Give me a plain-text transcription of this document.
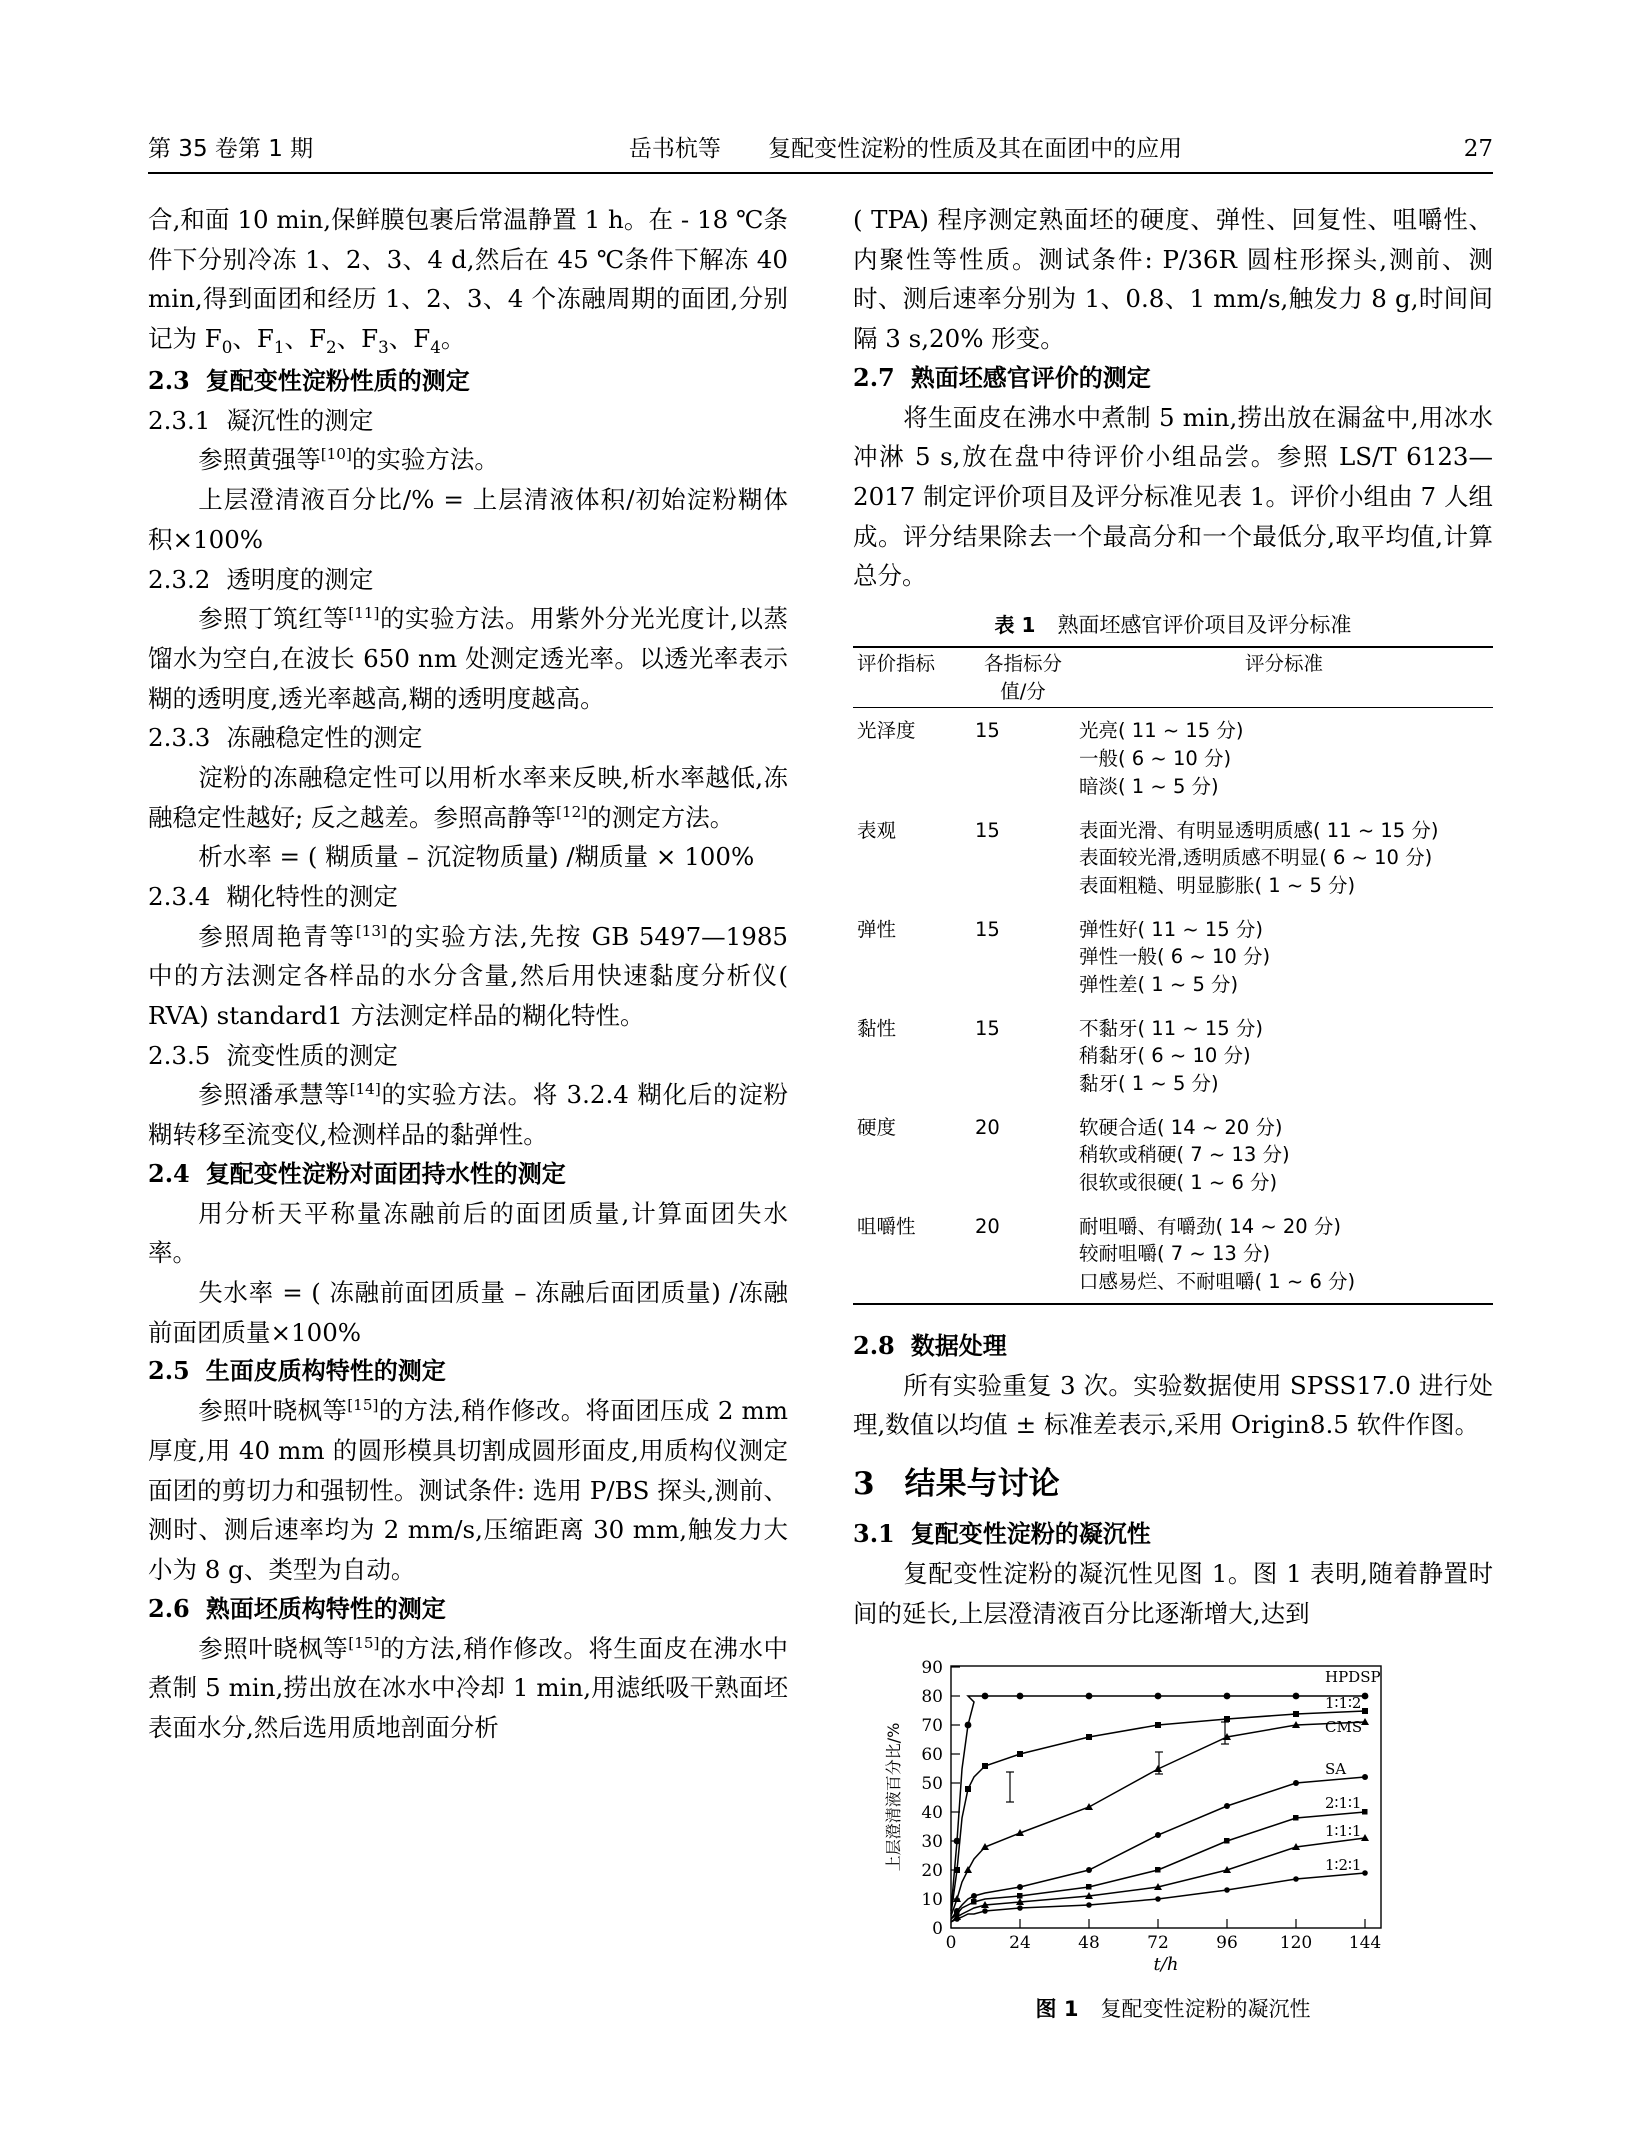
第 35 卷第 1 期	岳书杭等 复配变性淀粉的性质及其在面团中的应用	27

合,和面 10 min,保鲜膜包裹后常温静置 1 h。在 - 18 ℃条件下分别冷冻 1、2、3、4 d,然后在 45 ℃条件下解冻 40 min,得到面团和经历 1、2、3、4 个冻融周期的面团,分别记为 $F_0$、$F_1$、$F_2$、$F_3$、$F_4$。

2.3 复配变性淀粉性质的测定

2.3.1 凝沉性的测定

参照黄强等[10]的实验方法。

上层澄清液百分比/% = 上层清液体积/初始淀粉糊体积×100%

2.3.2 透明度的测定

参照丁筑红等[11]的实验方法。用紫外分光光度计,以蒸馏水为空白,在波长 650 nm 处测定透光率。以透光率表示糊的透明度,透光率越高,糊的透明度越高。

2.3.3 冻融稳定性的测定

淀粉的冻融稳定性可以用析水率来反映,析水率越低,冻融稳定性越好; 反之越差。参照高静等[12]的测定方法。

析水率 = ( 糊质量 – 沉淀物质量) /糊质量 × 100%

2.3.4 糊化特性的测定

参照周艳青等[13]的实验方法,先按 GB 5497—1985 中的方法测定各样品的水分含量,然后用快速黏度分析仪( RVA) standard1 方法测定样品的糊化特性。

2.3.5 流变性质的测定

参照潘承慧等[14]的实验方法。将 3.2.4 糊化后的淀粉糊转移至流变仪,检测样品的黏弹性。

2.4 复配变性淀粉对面团持水性的测定

用分析天平称量冻融前后的面团质量,计算面团失水率。

失水率 = ( 冻融前面团质量 – 冻融后面团质量) /冻融前面团质量×100%

2.5 生面皮质构特性的测定

参照叶晓枫等[15]的方法,稍作修改。将面团压成 2 mm 厚度,用 40 mm 的圆形模具切割成圆形面皮,用质构仪测定面团的剪切力和强韧性。测试条件: 选用 P/BS 探头,测前、测时、测后速率均为 2 mm/s,压缩距离 30 mm,触发力大小为 8 g、类型为自动。

2.6 熟面坯质构特性的测定

参照叶晓枫等[15]的方法,稍作修改。将生面皮在沸水中煮制 5 min,捞出放在冰水中冷却 1 min,用滤纸吸干熟面坯表面水分,然后选用质地剖面分析

( TPA) 程序测定熟面坯的硬度、弹性、回复性、咀嚼性、内聚性等性质。测试条件: P/36R 圆柱形探头,测前、测时、测后速率分别为 1、0.8、1 mm/s,触发力 8 g,时间间隔 3 s,20% 形变。

2.7 熟面坯感官评价的测定

将生面皮在沸水中煮制 5 min,捞出放在漏盆中,用冰水冲淋 5 s,放在盘中待评价小组品尝。参照 LS/T 6123—2017 制定评价项目及评分标准见表 1。评价小组由 7 人组成。评分结果除去一个最高分和一个最低分,取平均值,计算总分。

表 1 熟面坯感官评价项目及评分标准
评价指标	各指标分值/分	评分标准
光泽度	15	光亮( 11 ~ 15 分)
一般( 6 ~ 10 分)
暗淡( 1 ~ 5 分)

表观	15	表面光滑、有明显透明质感( 11 ~ 15 分)
表面较光滑,透明质感不明显( 6 ~ 10 分)
表面粗糙、明显膨胀( 1 ~ 5 分)

弹性	15	弹性好( 11 ~ 15 分)
弹性一般( 6 ~ 10 分)
弹性差( 1 ~ 5 分)

黏性	15	不黏牙( 11 ~ 15 分)
稍黏牙( 6 ~ 10 分)
黏牙( 1 ~ 5 分)

硬度	20	软硬合适( 14 ~ 20 分)
稍软或稍硬( 7 ~ 13 分)
很软或很硬( 1 ~ 6 分)

咀嚼性	20	耐咀嚼、有嚼劲( 14 ~ 20 分)
较耐咀嚼( 7 ~ 13 分)
口感易烂、不耐咀嚼( 1 ~ 6 分)

2.8 数据处理

所有实验重复 3 次。实验数据使用 SPSS17.0 进行处理,数值以均值 ± 标准差表示,采用 Origin8.5 软件作图。

3 结果与讨论

3.1 复配变性淀粉的凝沉性

复配变性淀粉的凝沉性见图 1。图 1 表明,随着静置时间的延长,上层澄清液百分比逐渐增大,达到

0
10
20
30
40
50
60
70
80
90
0	24	48	72	96 120 144
t/h
上层澄清液百分比/%
HPDSP
1∶1∶2
CMS
SA
2∶1∶1
1∶1∶1
1∶2∶1
图 1 复配变性淀粉的凝沉性
